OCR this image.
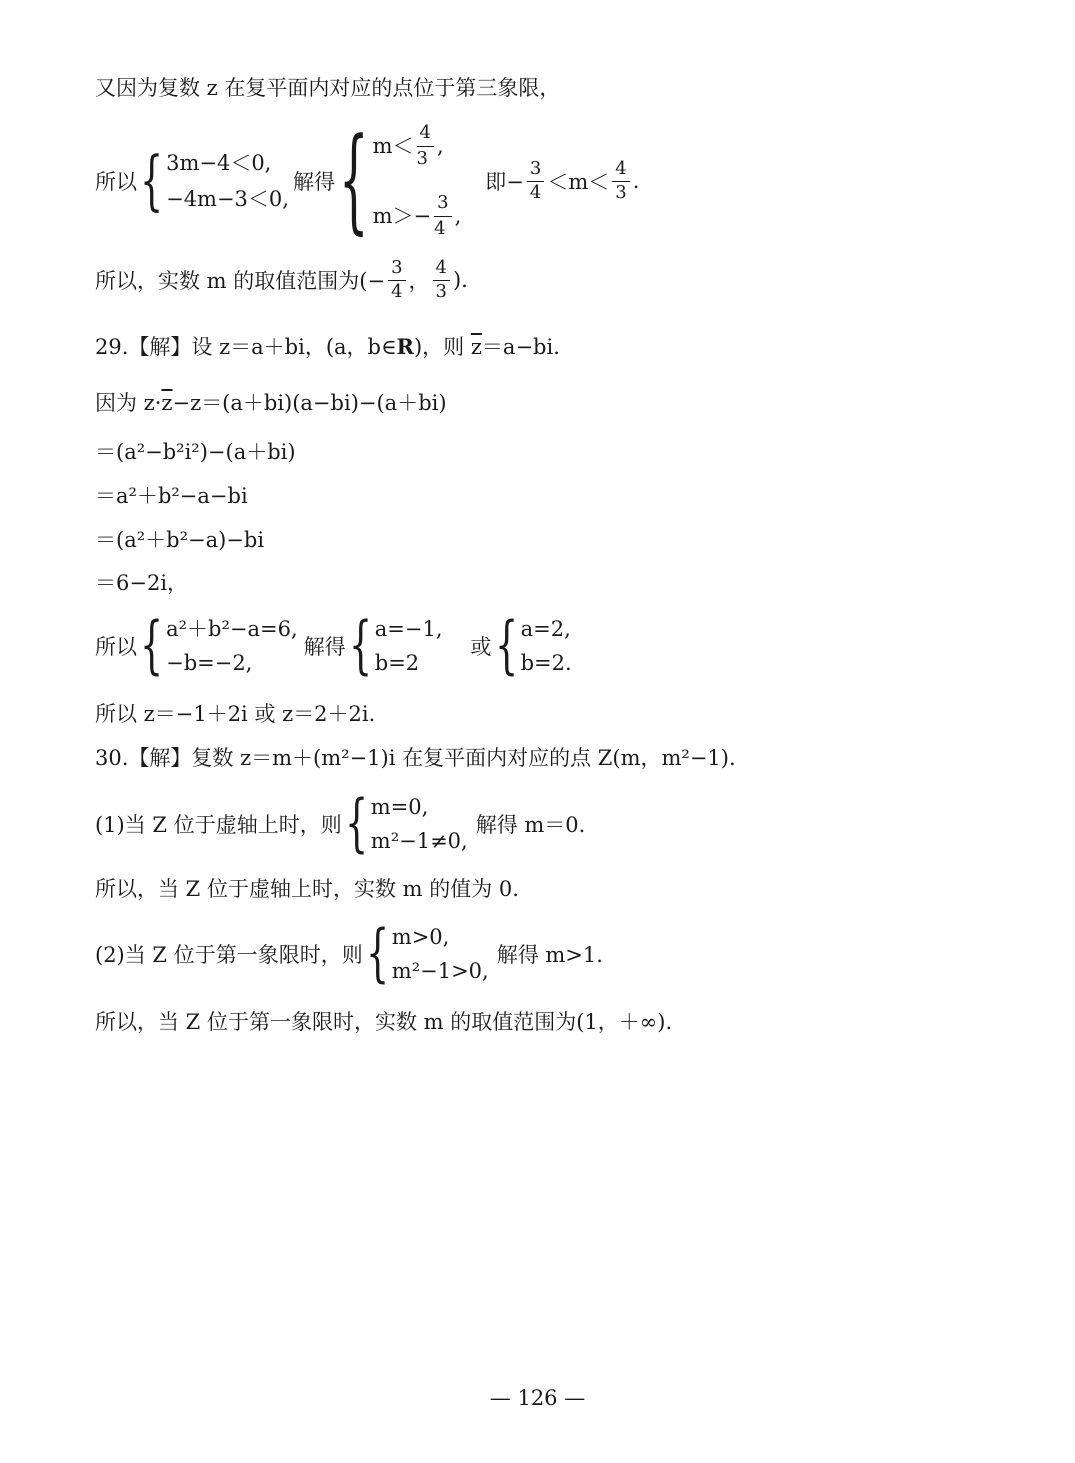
又因为复数 z 在复平面内对应的点位于第三象限，
所以 { 3m−4＜0,
−4m−3＜0,
解得 { $m< \frac{4}{3}$ ,
$m>- \frac{3}{4}$ ,
即− $\frac{3}{4} <m< \frac{4}{3}$ .
所以，实数 m 的取值范围为(− $\frac{3}{4}$ ， $\frac{4}{3}$ ).
29.【解】设 z＝a＋bi，(a，b∈R)，则 $\overline{z}=a-bi$.
因为 $z\cdot\overline{z}-z=(a+bi)(a-bi)-(a+bi)$
＝(a²−b²i²)−(a＋bi)
＝a²＋b²−a−bi
＝(a²＋b²−a)−bi
＝6−2i，
所以 { a²＋b²−a=6,
−b=−2,
解得 { a=−1,
b=2
或 { a=2,
b=2.
所以 z＝−1＋2i 或 z＝2＋2i.
30.【解】复数 z＝m＋(m²−1)i 在复平面内对应的点 Z(m，m²−1).
(1)当 Z 位于虚轴上时，则 { m=0,
m²−1≠0,
解得 m＝0.
所以，当 Z 位于虚轴上时，实数 m 的值为 0.
(2)当 Z 位于第一象限时，则 { m>0,
m²−1>0,
解得 m>1.
所以，当 Z 位于第一象限时，实数 m 的取值范围为(1，＋∞).
— 126 —
